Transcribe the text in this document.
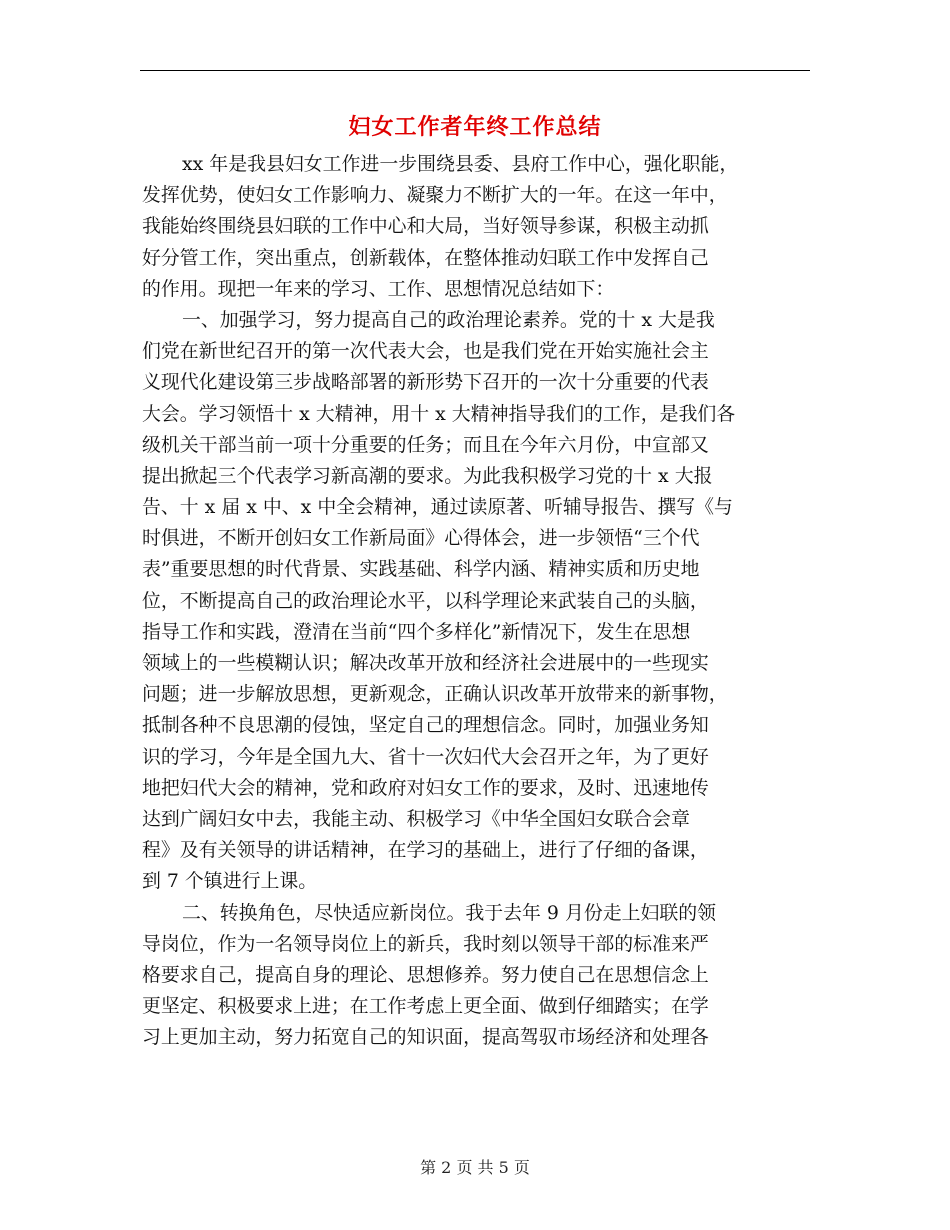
妇女工作者年终工作总结
xx 年是我县妇女工作进一步围绕县委、县府工作中心，强化职能，
发挥优势，使妇女工作影响力、凝聚力不断扩大的一年。在这一年中，
我能始终围绕县妇联的工作中心和大局，当好领导参谋，积极主动抓
好分管工作，突出重点，创新载体，在整体推动妇联工作中发挥自己
的作用。现把一年来的学习、工作、思想情况总结如下：
一、加强学习，努力提高自己的政治理论素养。党的十 x 大是我
们党在新世纪召开的第一次代表大会，也是我们党在开始实施社会主
义现代化建设第三步战略部署的新形势下召开的一次十分重要的代表
大会。学习领悟十 x 大精神，用十 x 大精神指导我们的工作，是我们各
级机关干部当前一项十分重要的任务；而且在今年六月份，中宣部又
提出掀起三个代表学习新高潮的要求。为此我积极学习党的十 x 大报
告、十 x 届 x 中、x 中全会精神，通过读原著、听辅导报告、撰写《与
时俱进，不断开创妇女工作新局面》心得体会，进一步领悟“三个代
表”重要思想的时代背景、实践基础、科学内涵、精神实质和历史地
位，不断提高自己的政治理论水平，以科学理论来武装自己的头脑，
指导工作和实践，澄清在当前“四个多样化”新情况下，发生在思想
领域上的一些模糊认识；解决改革开放和经济社会进展中的一些现实
问题；进一步解放思想，更新观念，正确认识改革开放带来的新事物，
抵制各种不良思潮的侵蚀，坚定自己的理想信念。同时，加强业务知
识的学习，今年是全国九大、省十一次妇代大会召开之年，为了更好
地把妇代大会的精神，党和政府对妇女工作的要求，及时、迅速地传
达到广阔妇女中去，我能主动、积极学习《中华全国妇女联合会章
程》及有关领导的讲话精神，在学习的基础上，进行了仔细的备课，
到 7 个镇进行上课。
二、转换角色，尽快适应新岗位。我于去年 9 月份走上妇联的领
导岗位，作为一名领导岗位上的新兵，我时刻以领导干部的标准来严
格要求自己，提高自身的理论、思想修养。努力使自己在思想信念上
更坚定、积极要求上进；在工作考虑上更全面、做到仔细踏实；在学
习上更加主动，努力拓宽自己的知识面，提高驾驭市场经济和处理各
第 2 页 共 5 页
